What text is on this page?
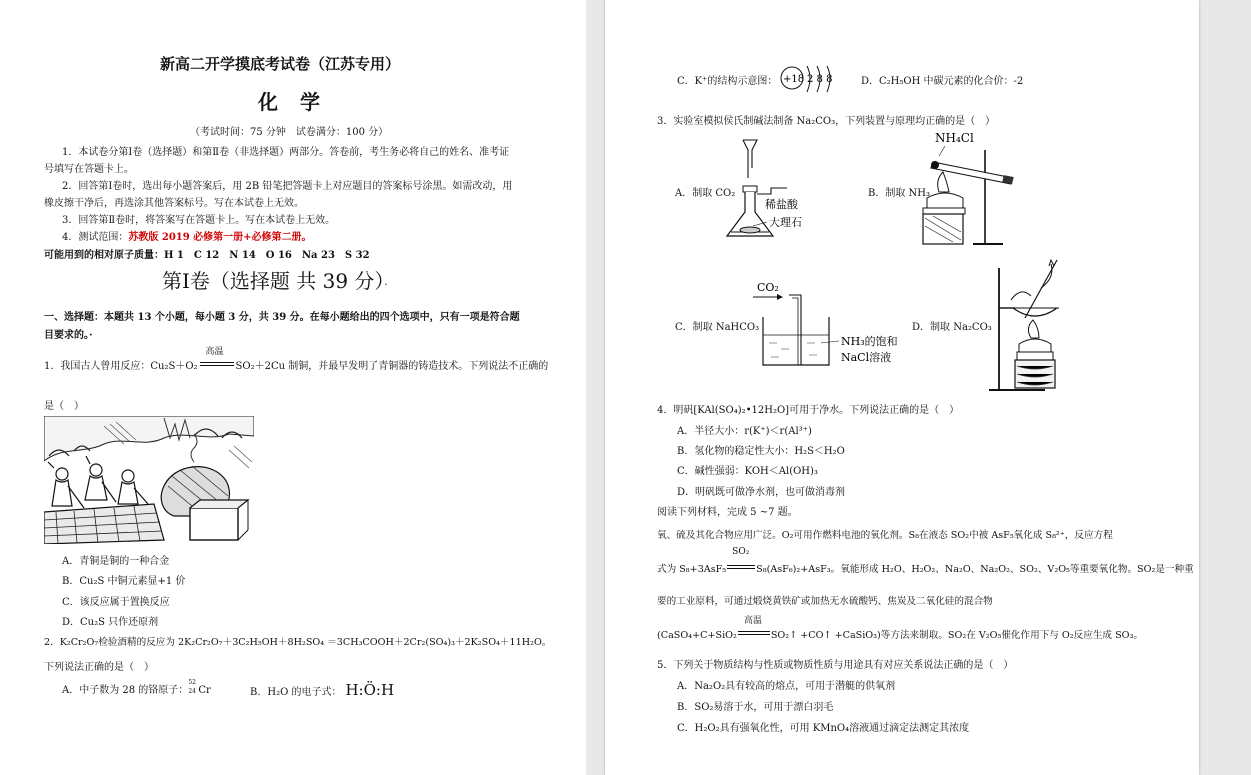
新高二开学摸底考试卷（江苏专用）
化学
（考试时间：75 分钟　试卷满分：100 分）
1．本试卷分第Ⅰ卷（选择题）和第Ⅱ卷（非选择题）两部分。答卷前，考生务必将自己的姓名、准考证
号填写在答题卡上。
2．回答第Ⅰ卷时，选出每小题答案后，用 2B 铅笔把答题卡上对应题目的答案标号涂黑。如需改动，用
橡皮擦干净后，再选涂其他答案标号。写在本试卷上无效。
3．回答第Ⅱ卷时，将答案写在答题卡上。写在本试卷上无效。
4．测试范围：苏教版 2019 必修第一册+必修第二册。
可能用到的相对原子质量：H 1　C 12　N 14　O 16　Na 23　S 32
第Ⅰ卷（选择题 共 39 分）·
一、选择题：本题共 13 个小题，每小题 3 分，共 39 分。在每小题给出的四个选项中，只有一项是符合题
目要求的。·
1．我国古人曾用反应：Cu₂S＋O₂
高温
SO₂＋2Cu 制铜，并最早发明了青铜器的铸造技术。下列说法不正确的
是（　）
A．青铜是铜的一种合金
B．Cu₂S 中铜元素显+1 价
C．该反应属于置换反应
D．Cu₂S 只作还原剂
2．K₂Cr₂O₇检验酒精的反应为 2K₂Cr₂O₇＋3C₂H₅OH＋8H₂SO₄ ＝3CH₃COOH＋2Cr₂(SO₄)₃＋2K₂SO₄＋11H₂O。
下列说法正确的是（　）
A．中子数为 28 的铬原子：
52
24 Cr	B．H₂O 的电子式： H:Ö:H
C．K⁺的结构示意图： +18 2 8 8	D．C₂H₅OH 中碳元素的化合价：-2
3．实验室模拟侯氏制碱法制备 Na₂CO₃，下列装置与原理均正确的是（　）
A．制取 CO₂
稀盐酸
大理石
B．制取 NH₃
NH₄Cl
C．制取 NaHCO₃
CO₂
NH₃的饱和
NaCl溶液
D．制取 Na₂CO₃
4．明矾[KAl(SO₄)₂•12H₂O]可用于净水。下列说法正确的是（　）
A．半径大小：r(K⁺)＜r(Al³⁺)
B．氢化物的稳定性大小：H₂S＜H₂O
C．碱性强弱：KOH＜Al(OH)₃
D．明矾既可做净水剂，也可做消毒剂
阅读下列材料，完成 5 ~7 题。
氧、硫及其化合物应用广泛。O₂可用作燃料电池的氧化剂。S₈在液态 SO₂中被 AsF₅氧化成 S₈²⁺，反应方程
式为 S₈+3AsF₅
SO₂
S₈(AsF₆)₂+AsF₃。氧能形成 H₂O、H₂O₂、Na₂O、Na₂O₂、SO₂、V₂O₅等重要氧化物。SO₂是一种重
要的工业原料，可通过煅烧黄铁矿或加热无水硫酸钙、焦炭及二氧化硅的混合物
(CaSO₄+C+SiO₂
高温
SO₂↑ +CO↑ +CaSiO₃)等方法来制取。SO₂在 V₂O₅催化作用下与 O₂反应生成 SO₃。
5．下列关于物质结构与性质或物质性质与用途具有对应关系说法正确的是（　）
A．Na₂O₂具有较高的熔点，可用于潜艇的供氧剂
B．SO₂易溶于水，可用于漂白羽毛
C．H₂O₂具有强氧化性，可用 KMnO₄溶液通过滴定法测定其浓度
